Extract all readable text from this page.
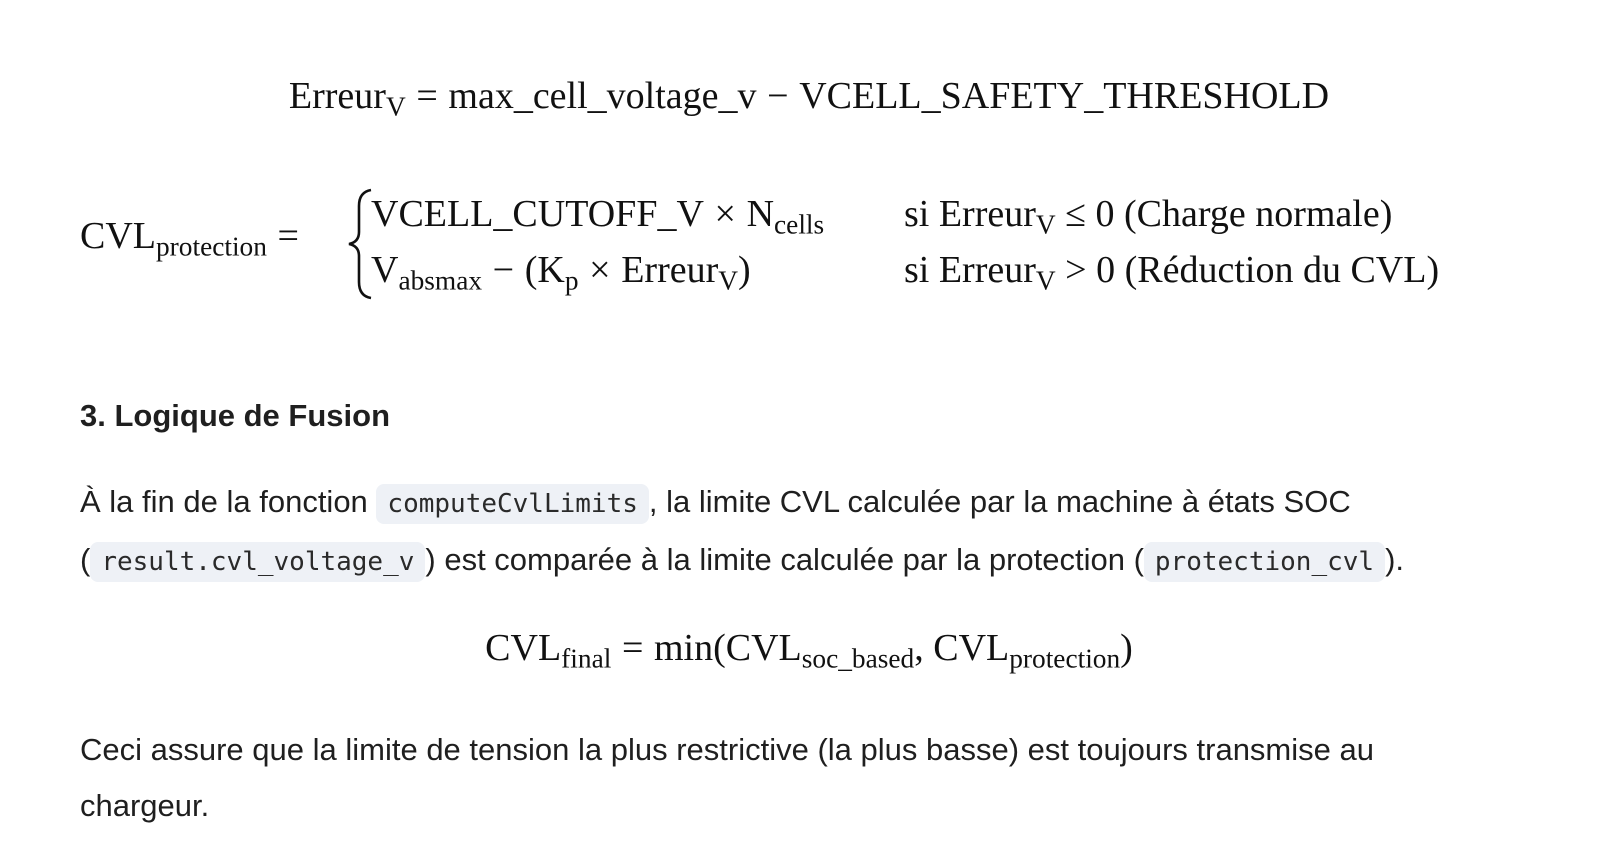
Erreur$_V$ = max_cell_voltage_v − VCELL_SAFETY_THRESHOLD
$CVL_{protection}$ =
VCELL_CUTOFF_V × $N_{cells}$ si Erreur$_V$ ≤ 0 (Charge normale)
$V_{absmax} - (K_p$ × Erreur$_V$)	si Erreur$_V$ > 0 (Réduction du CVL)
3. Logique de Fusion

À la fin de la fonction computeCvlLimits , la limite CVL calculée par la machine à états SOC ( result.cvl_voltage_v ) est comparée à la limite calculée par la protection ( protection_cvl ).

$CVL_{final} = \min(CVL_{soc\_based}$, $CVL_{protection}$)

Ceci assure que la limite de tension la plus restrictive (la plus basse) est toujours transmise au chargeur.
